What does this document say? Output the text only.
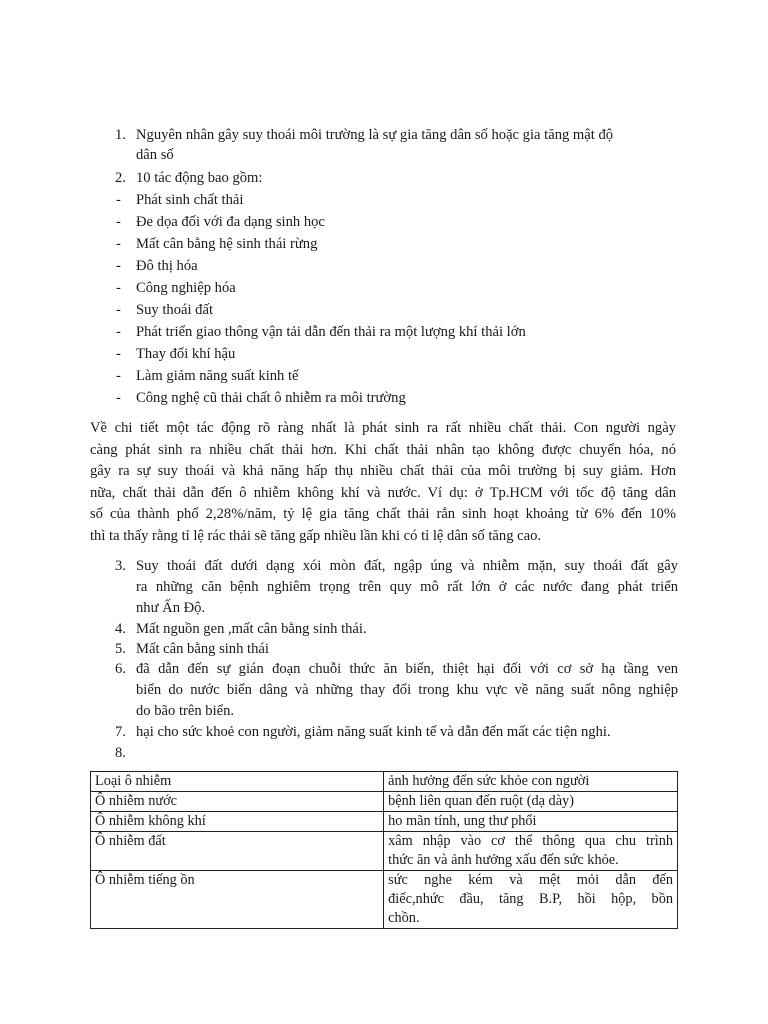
1. Nguyên nhân gây suy thoái môi trường là sự gia tăng dân số hoặc gia tăng mật độ
dân số
2. 10 tác động bao gồm:
- Phát sinh chất thải
- Đe dọa đối với đa dạng sinh học
- Mất cân bằng hệ sinh thái rừng
- Đô thị hóa
- Công nghiệp hóa
- Suy thoái đất
- Phát triển giao thông vận tải dẫn đến thải ra một lượng khí thải lớn
- Thay đổi khí hậu
- Làm giảm năng suất kinh tế
- Công nghệ cũ thải chất ô nhiễm ra môi trường
Về chi tiết một tác động rõ ràng nhất là phát sinh ra rất nhiều chất thải. Con người ngày
càng phát sinh ra nhiều chất thải hơn. Khi chất thải nhân tạo không được chuyển hóa, nó
gây ra sự suy thoái và khả năng hấp thụ nhiều chất thải của môi trường bị suy giảm. Hơn
nữa, chất thải dẫn đến ô nhiễm không khí và nước. Ví dụ: ở Tp.HCM với tốc độ tăng dân
số của thành phố 2,28%/năm, tỷ lệ gia tăng chất thải rắn sinh hoạt khoảng từ 6% đến 10%
thì ta thấy rằng tỉ lệ rác thải sẽ tăng gấp nhiều lần khi có tỉ lệ dân số tăng cao.
3. Suy thoái đất dưới dạng xói mòn đất, ngập úng và nhiễm mặn, suy thoái đất gây
ra những căn bệnh nghiêm trọng trên quy mô rất lớn ở các nước đang phát triển
như Ấn Độ.
4. Mất nguồn gen ,mất cân bằng sinh thái.
5. Mất cân bằng sinh thái
6. đã dẫn đến sự gián đoạn chuỗi thức ăn biển, thiệt hại đối với cơ sở hạ tầng ven
biển do nước biển dâng và những thay đổi trong khu vực về năng suất nông nghiệp
do bão trên biển.
7. hại cho sức khoẻ con người, giảm năng suất kinh tế và dẫn đến mất các tiện nghi.
8.
Loại ô nhiễm	ảnh hưởng đến sức khỏe con người
Ô nhiễm nước	bệnh liên quan đến ruột (dạ dày)
Ô nhiễm không khí	ho mãn tính, ung thư phổi
Ô nhiễm đất	xâm nhập vào cơ thể thông qua chu trình
thức ăn và ảnh hưởng xấu đến sức khỏe.

Ô nhiễm tiếng ồn	sức nghe kém và mệt mỏi dẫn đến
điếc,nhức đầu, tăng B.P, hồi hộp, bồn
chồn.
